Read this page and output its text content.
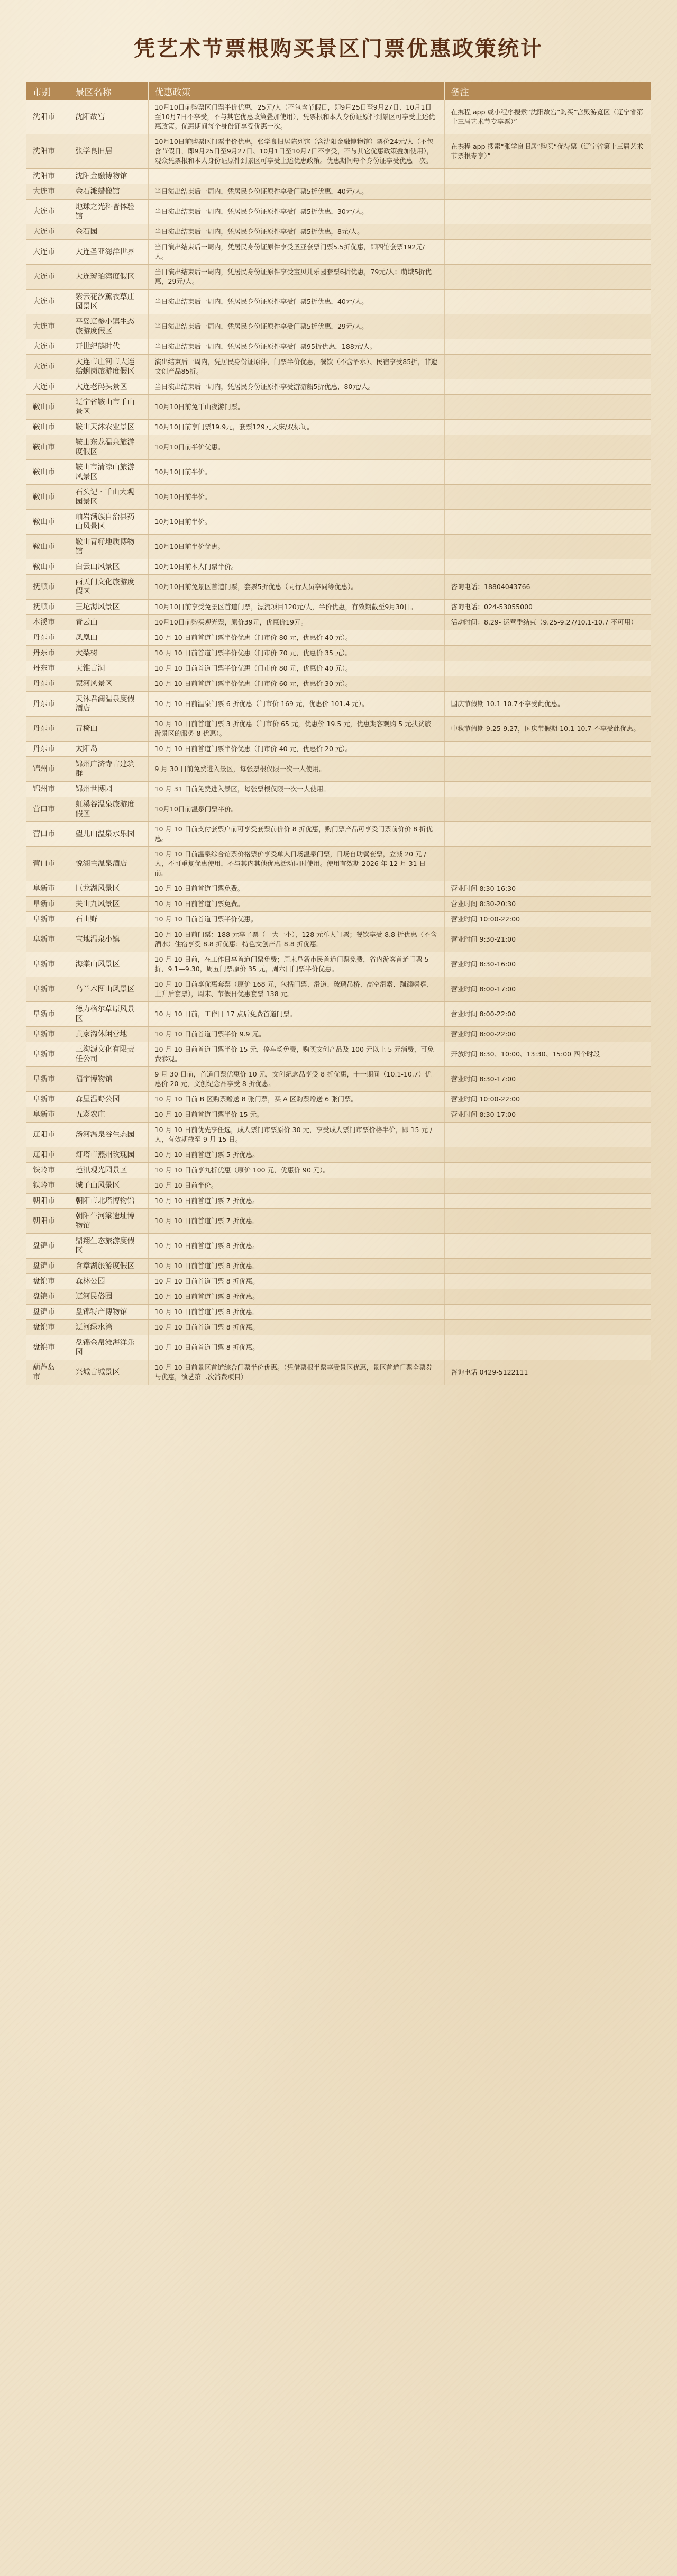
凭艺术节票根购买景区门票优惠政策统计
市别	景区名称	优惠政策	备注
沈阳市	沈阳故宫	10月10日前购票区门票半价优惠，25元/人（不包含节假日，即9月25日至9月27日、10月1日至10月7日不享受，不与其它优惠政策叠加使用），凭票根和本人身份证原件到景区可享受上述优惠政策。优惠期间每个身份证享受优惠一次。	在携程 app 或小程序搜索“沈阳故宫”购买“宫殿游览区（辽宁省第十三届艺术节专享票）”
沈阳市	张学良旧居	10月10日前购票区门票半价优惠，张学良旧居陈列馆（含沈阳金融博物馆）票价24元/人（不包含节假日，即9月25日至9月27日、10月1日至10月7日不享受，不与其它优惠政策叠加使用），观众凭票根和本人身份证原件到景区可享受上述优惠政策。优惠期间每个身份证享受优惠一次。	在携程 app 搜索“张学良旧居”购买“优待票（辽宁省第十三届艺术节票根专享）”
沈阳市	沈阳金融博物馆		
大连市	金石滩蜡像馆	当日演出结束后一周内，凭居民身份证原件享受门票5折优惠，40元/人。	
大连市	地球之光科普体验馆	当日演出结束后一周内，凭居民身份证原件享受门票5折优惠，30元/人。	
大连市	金石园	当日演出结束后一周内，凭居民身份证原件享受门票5折优惠，8元/人。	
大连市	大连圣亚海洋世界	当日演出结束后一周内，凭居民身份证原件享受圣亚套票门票5.5折优惠，即四馆套票192元/人。	
大连市	大连琥珀湾度假区	当日演出结束后一周内，凭居民身份证原件享受宝贝儿乐园套票6折优惠，79元/人；萌域5折优惠，29元/人。	
大连市	紫云花汐薰衣草庄园景区	当日演出结束后一周内，凭居民身份证原件享受门票5折优惠，40元/人。	
大连市	平岛辽参小镇生态旅游度假区	当日演出结束后一周内，凭居民身份证原件享受门票5折优惠，29元/人。	
大连市	开世纪鹅时代	当日演出结束后一周内，凭居民身份证原件享受门票95折优惠，188元/人。	
大连市	大连市庄河市大连蛤蜊岗旅游度假区	演出结束后一周内，凭居民身份证原件，门票半价优惠，餐饮（不含酒水）、民宿享受85折，非遗文创产品85折。	
大连市	大连老码头景区	当日演出结束后一周内，凭居民身份证原件享受游游船5折优惠，80元/人。	
鞍山市	辽宁省鞍山市千山景区	10月10日前免千山夜游门票。	
鞍山市	鞍山天沐农业景区	10月10日前享门票19.9元，套票129元大床/双标间。	
鞍山市	鞍山东龙温泉旅游度假区	10月10日前半价优惠。	
鞍山市	鞍山市清凉山旅游风景区	10月10日前半价。	
鞍山市	石头记 · 千山大观园景区	10月10日前半价。	
鞍山市	岫岩满族自治县药山风景区	10月10日前半价。	
鞍山市	鞍山青籽地质博物馆	10月10日前半价优惠。	
鞍山市	白云山风景区	10月10日前本人门票半价。	
抚顺市	雨天门文化旅游度假区	10月10日前免景区首道门票，套票5折优惠（同行人员享同等优惠）。	咨询电话：18804043766
抚顺市	王坨海风景区	10月10日前享受免景区首道门票，漂流项目120元/人，半价优惠，有效期截至9月30日。	咨询电话：024-53055000
本溪市	青云山	10月10日前购买观光票，原价39元，优惠价19元。	活动时间：8.29- 运营季结束（9.25-9.27/10.1-10.7 不可用）
丹东市	凤凰山	10 月 10 日前首道门票半价优惠（门市价 80 元，优惠价 40 元）。	
丹东市	大梨树	10 月 10 日前首道门票半价优惠（门市价 70 元，优惠价 35 元）。	
丹东市	天锥古洞	10 月 10 日前首道门票半价优惠（门市价 80 元，优惠价 40 元）。	
丹东市	蒙河风景区	10 月 10 日前首道门票半价优惠（门市价 60 元，优惠价 30 元）。	
丹东市	天沐君澜温泉度假酒店	10 月 10 日前温泉门票 6 折优惠（门市价 169 元，优惠价 101.4 元）。	国庆节假期 10.1-10.7不享受此优惠。
丹东市	青椅山	10 月 10 日前首道门票 3 折优惠（门市价 65 元，优惠价 19.5 元，优惠期客观购 5 元扶贫旅游景区的服务 8 优惠）。	中秋节假期 9.25-9.27，国庆节假期 10.1-10.7 不享受此优惠。
丹东市	太阳岛	10 月 10 日前首道门票半价优惠（门市价 40 元，优惠价 20 元）。	
锦州市	锦州广济寺古建筑群	9 月 30 日前免费进入景区，每张票根仅限一次一人使用。	
锦州市	锦州世博园	10 月 31 日前免费进入景区，每张票根仅限一次一人使用。	
营口市	虹溪谷温泉旅游度假区	10月10日前温泉门票半价。	
营口市	望儿山温泉水乐园	10 月 10 日前支付套票户前可享受套票前价价 8 折优惠，购门票产品可享受门票前价价 8 折优惠。	
营口市	悦湖主温泉酒店	10 月 10 日前温泉综合馆票价格票价享受单人日场温泉门票，日场自助餐套票，立减 20 元 / 人，不可重复优惠使用，不与其内其他优惠活动同时使用。使用有效期 2026 年 12 月 31 日前。	
阜新市	巨龙湖风景区	10 月 10 日前首道门票免费。	营业时间 8:30-16:30
阜新市	关山九风景区	10 月 10 日前首道门票免费。	营业时间 8:30-20:30
阜新市	石山野	10 月 10 日前首道门票半价优惠。	营业时间 10:00-22:00
阜新市	宝地温泉小镇	10 月 10 日前门票：188 元享了票（一大一小），128 元单人门票；餐饮享受 8.8 折优惠（不含酒水）住宿享受 8.8 折优惠；特色文创产品 8.8 折优惠。	营业时间 9:30-21:00
阜新市	海棠山风景区	10 月 10 日前，在工作日享首道门票免费；周末阜新市民首道门票免费，省内游客首道门票 5 折，9.1—9.30，周五门票原价 35 元，周六日门票半价优惠。	营业时间 8:30-16:00
阜新市	乌兰木图山风景区	10 月 10 日前享优惠套票（原价 168 元，包括门票、滑道、玻璃吊桥、高空滑索、蹦蹦嘻嘻、上升后套票），周末、节假日优惠套票 138 元。	营业时间 8:00-17:00
阜新市	德力格尔草原风景区	10 月 10 日前，工作日 17 点后免费首道门票。	营业时间 8:00-22:00
阜新市	黄家沟休闲营地	10 月 10 日前首道门票半价 9.9 元。	营业时间 8:00-22:00
阜新市	三沟源文化有限责任公司	10 月 10 日前首道门票半价 15 元，停车场免费，购买文创产品及 100 元以上 5 元消费，可免费参观。	开放时间 8:30、10:00、13:30、15:00 四个时段
阜新市	福宇博物馆	9 月 30 日前，首道门票优惠价 10 元，文创纪念品享受 8 折优惠，十一期间（10.1-10.7）优惠价 20 元，文创纪念品享受 8 折优惠。	营业时间 8:30-17:00
阜新市	森屋温野公园	10 月 10 日前 B 区购票赠送 8 张门票，买 A 区购票赠送 6 张门票。	营业时间 10:00-22:00
阜新市	五彩农庄	10 月 10 日前首道门票半价 15 元。	营业时间 8:30-17:00
辽阳市	汤河温泉谷生态园	10 月 10 日前优先享任选，成人票门市票原价 30 元，享受成人票门市票价格半价，即 15 元 / 人，有效期截至 9 月 15 日。	
辽阳市	灯塔市燕州玫瑰园	10 月 10 日前首道门票 5 折优惠。	
铁岭市	莲汛观光园景区	10 月 10 日前享九折优惠（原价 100 元，优惠价 90 元）。	
铁岭市	城子山风景区	10 月 10 日前半价。	
朝阳市	朝阳市北塔博物馆	10 月 10 日前首道门票 7 折优惠。	
朝阳市	朝阳牛河梁遗址博物馆	10 月 10 日前首道门票 7 折优惠。	
盘锦市	鼎翔生态旅游度假区	10 月 10 日前首道门票 8 折优惠。	
盘锦市	含章湖旅游度假区	10 月 10 日前首道门票 8 折优惠。	
盘锦市	森林公园	10 月 10 日前首道门票 8 折优惠。	
盘锦市	辽河民俗园	10 月 10 日前首道门票 8 折优惠。	
盘锦市	盘锦特产博物馆	10 月 10 日前首道门票 8 折优惠。	
盘锦市	辽河绿水湾	10 月 10 日前首道门票 8 折优惠。	
盘锦市	盘锦金帛滩海洋乐园	10 月 10 日前首道门票 8 折优惠。	
葫芦岛市	兴城古城景区	10 月 10 日前景区首道综合门票半价优惠。（凭借票根半票享受景区优惠，景区首道门票全票券与优惠，演艺第二次消费项目）	咨询电话 0429-5122111
